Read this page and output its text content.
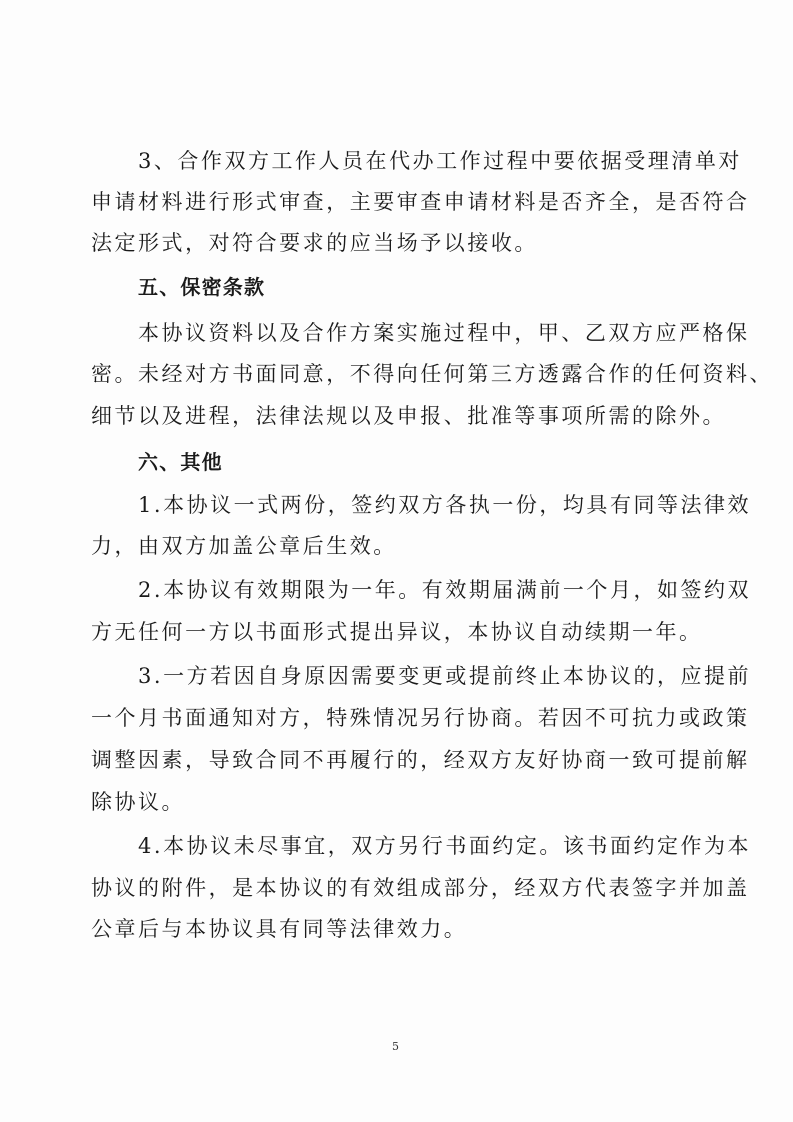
3、合作双方工作人员在代办工作过程中要依据受理清单对
申请材料进行形式审查，主要审查申请材料是否齐全，是否符合
法定形式，对符合要求的应当场予以接收。
五、保密条款
本协议资料以及合作方案实施过程中，甲、乙双方应严格保
密。未经对方书面同意，不得向任何第三方透露合作的任何资料、
细节以及进程，法律法规以及申报、批准等事项所需的除外。
六、其他
1.本协议一式两份，签约双方各执一份，均具有同等法律效
力，由双方加盖公章后生效。
2.本协议有效期限为一年。有效期届满前一个月，如签约双
方无任何一方以书面形式提出异议，本协议自动续期一年。
3.一方若因自身原因需要变更或提前终止本协议的，应提前
一个月书面通知对方，特殊情况另行协商。若因不可抗力或政策
调整因素，导致合同不再履行的，经双方友好协商一致可提前解
除协议。
4.本协议未尽事宜，双方另行书面约定。该书面约定作为本
协议的附件，是本协议的有效组成部分，经双方代表签字并加盖
公章后与本协议具有同等法律效力。
5
